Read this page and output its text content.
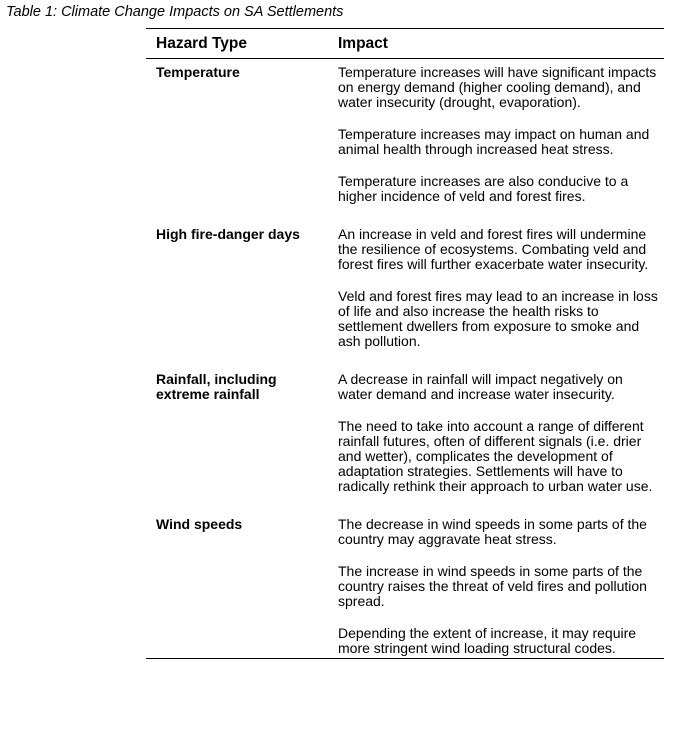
Table 1: Climate Change Impacts on SA Settlements
Hazard Type	Impact
Temperature	Temperature increases will have significant impacts on energy demand (higher cooling demand), and water insecurity (drought, evaporation).

Temperature increases may impact on human and animal health through increased heat stress.

Temperature increases are also conducive to a higher incidence of veld and forest fires.

High fire-danger days	An increase in veld and forest fires will undermine the resilience of ecosystems. Combating veld and forest fires will further exacerbate water insecurity.

Veld and forest fires may lead to an increase in loss of life and also increase the health risks to settlement dwellers from exposure to smoke and ash pollution.

Rainfall, including extreme rainfall	A decrease in rainfall will impact negatively on water demand and increase water insecurity.

The need to take into account a range of different rainfall futures, often of different signals (i.e. drier and wetter), complicates the development of adaptation strategies. Settlements will have to radically rethink their approach to urban water use.

Wind speeds	The decrease in wind speeds in some parts of the country may aggravate heat stress.

The increase in wind speeds in some parts of the country raises the threat of veld fires and pollution spread.

Depending the extent of increase, it may require more stringent wind loading structural codes.
